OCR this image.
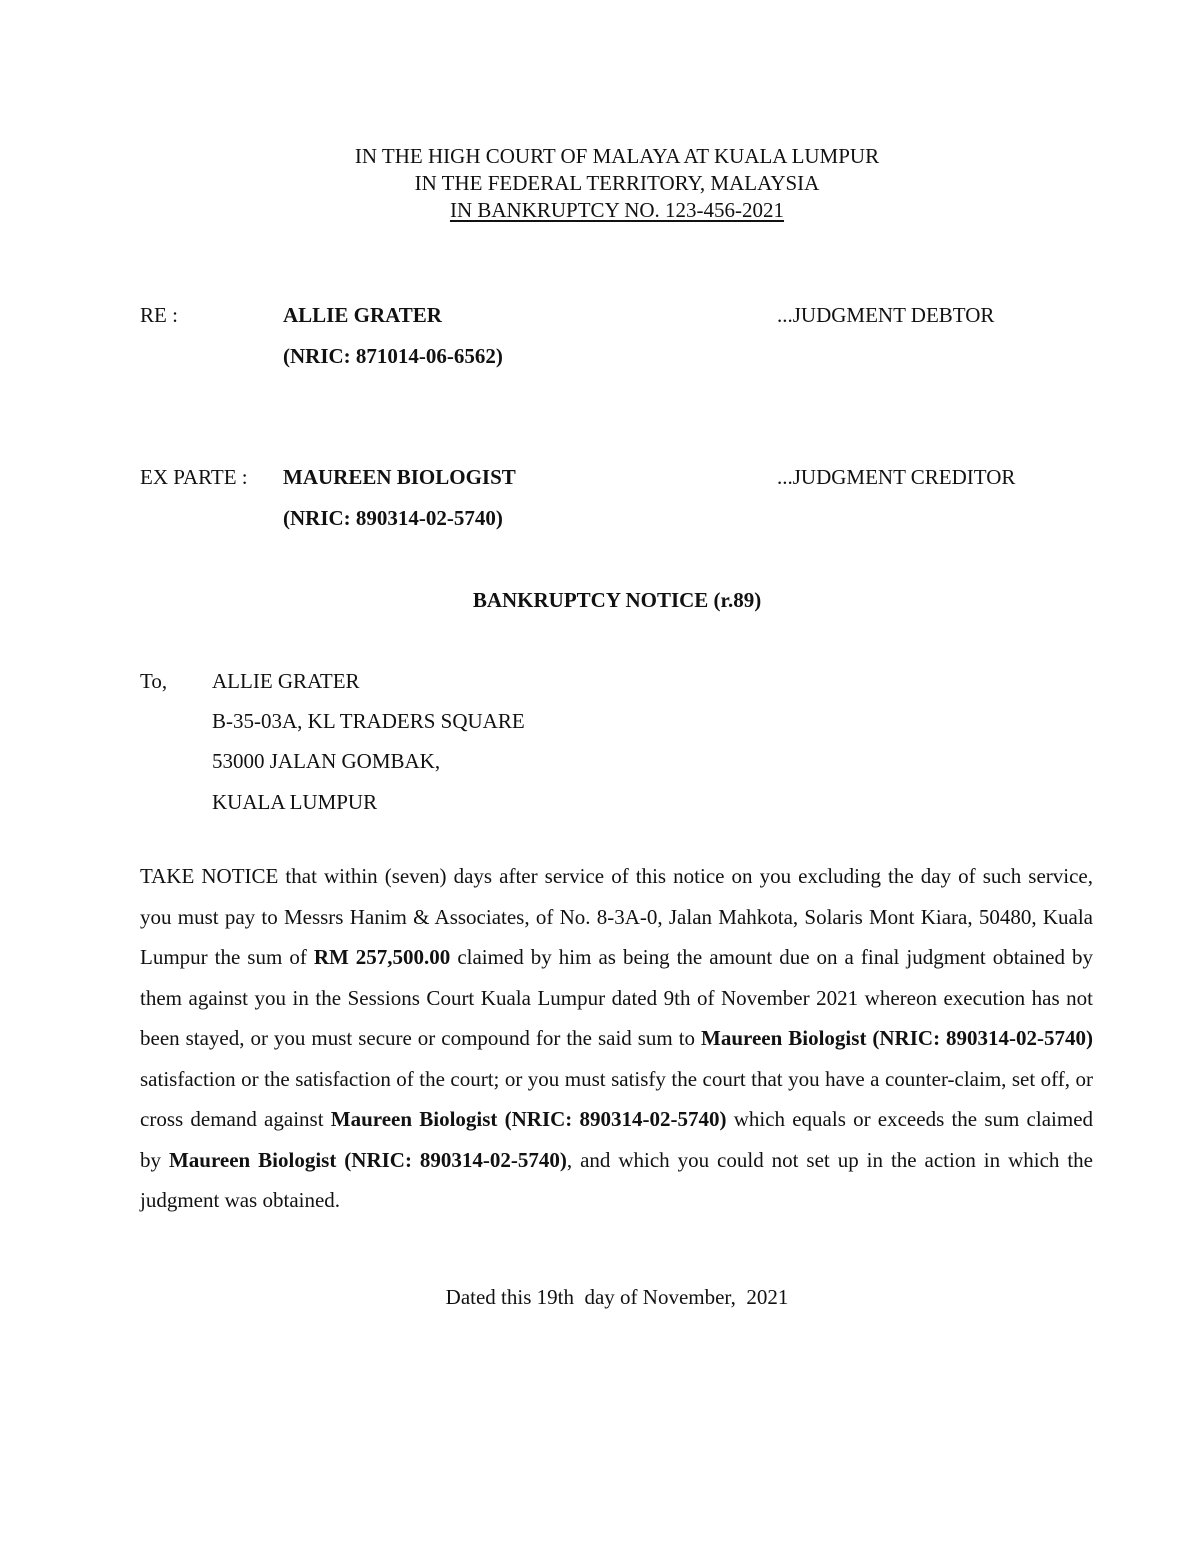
IN THE HIGH COURT OF MALAYA AT KUALA LUMPUR
IN THE FEDERAL TERRITORY, MALAYSIA
IN BANKRUPTCY NO. 123-456-2021
RE :	ALLIE GRATER	...JUDGMENT DEBTOR
(NRIC: 871014-06-6562)
EX PARTE : MAUREEN BIOLOGIST	...JUDGMENT CREDITOR
(NRIC: 890314-02-5740)
BANKRUPTCY NOTICE (r.89)
To, ALLIE GRATER
B-35-03A, KL TRADERS SQUARE
53000 JALAN GOMBAK,
KUALA LUMPUR
TAKE NOTICE that within (seven) days after service of this notice on you excluding the day of such service, you must pay to Messrs Hanim & Associates, of No. 8-3A-0, Jalan Mahkota, Solaris Mont Kiara, 50480, Kuala Lumpur the sum of RM 257,500.00 claimed by him as being the amount due on a final judgment obtained by them against you in the Sessions Court Kuala Lumpur dated 9th of November 2021 whereon execution has not been stayed, or you must secure or compound for the said sum to Maureen Biologist (NRIC: 890314-02-5740) satisfaction or the satisfaction of the court; or you must satisfy the court that you have a counter-claim, set off, or cross demand against Maureen Biologist (NRIC: 890314-02-5740) which equals or exceeds the sum claimed by Maureen Biologist (NRIC: 890314-02-5740), and which you could not set up in the action in which the judgment was obtained.
Dated this 19th  day of November,  2021
